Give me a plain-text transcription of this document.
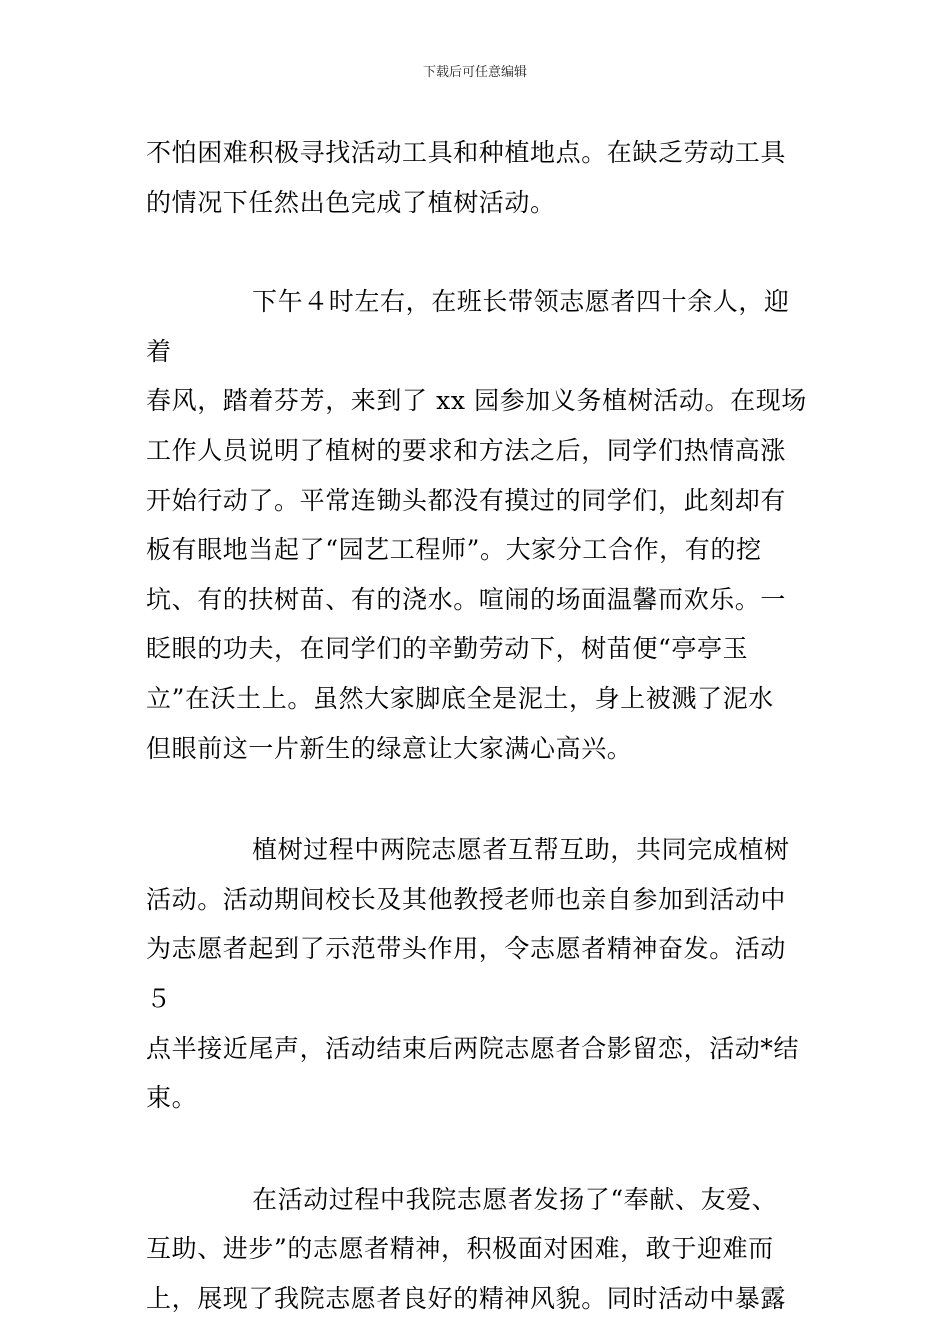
下载后可任意编辑

不怕困难积极寻找活动工具和种植地点。在缺乏劳动工具
的情况下任然出色完成了植树活动。

下午４时左右，在班长带领志愿者四十余人，迎着
春风，踏着芬芳，来到了 xx 园参加义务植树活动。在现场
工作人员说明了植树的要求和方法之后，同学们热情高涨
开始行动了。平常连锄头都没有摸过的同学们，此刻却有
板有眼地当起了“园艺工程师”。大家分工合作，有的挖
坑、有的扶树苗、有的浇水。喧闹的场面温馨而欢乐。一
眨眼的功夫，在同学们的辛勤劳动下，树苗便“亭亭玉
立”在沃土上。虽然大家脚底全是泥土，身上被溅了泥水
但眼前这一片新生的绿意让大家满心高兴。

植树过程中两院志愿者互帮互助，共同完成植树
活动。活动期间校长及其他教授老师也亲自参加到活动中
为志愿者起到了示范带头作用，令志愿者精神奋发。活动５
点半接近尾声，活动结束后两院志愿者合影留恋，活动*结
束。

在活动过程中我院志愿者发扬了“奉献、友爱、
互助、进步”的志愿者精神，积极面对困难，敢于迎难而
上，展现了我院志愿者良好的精神风貌。同时活动中暴露
